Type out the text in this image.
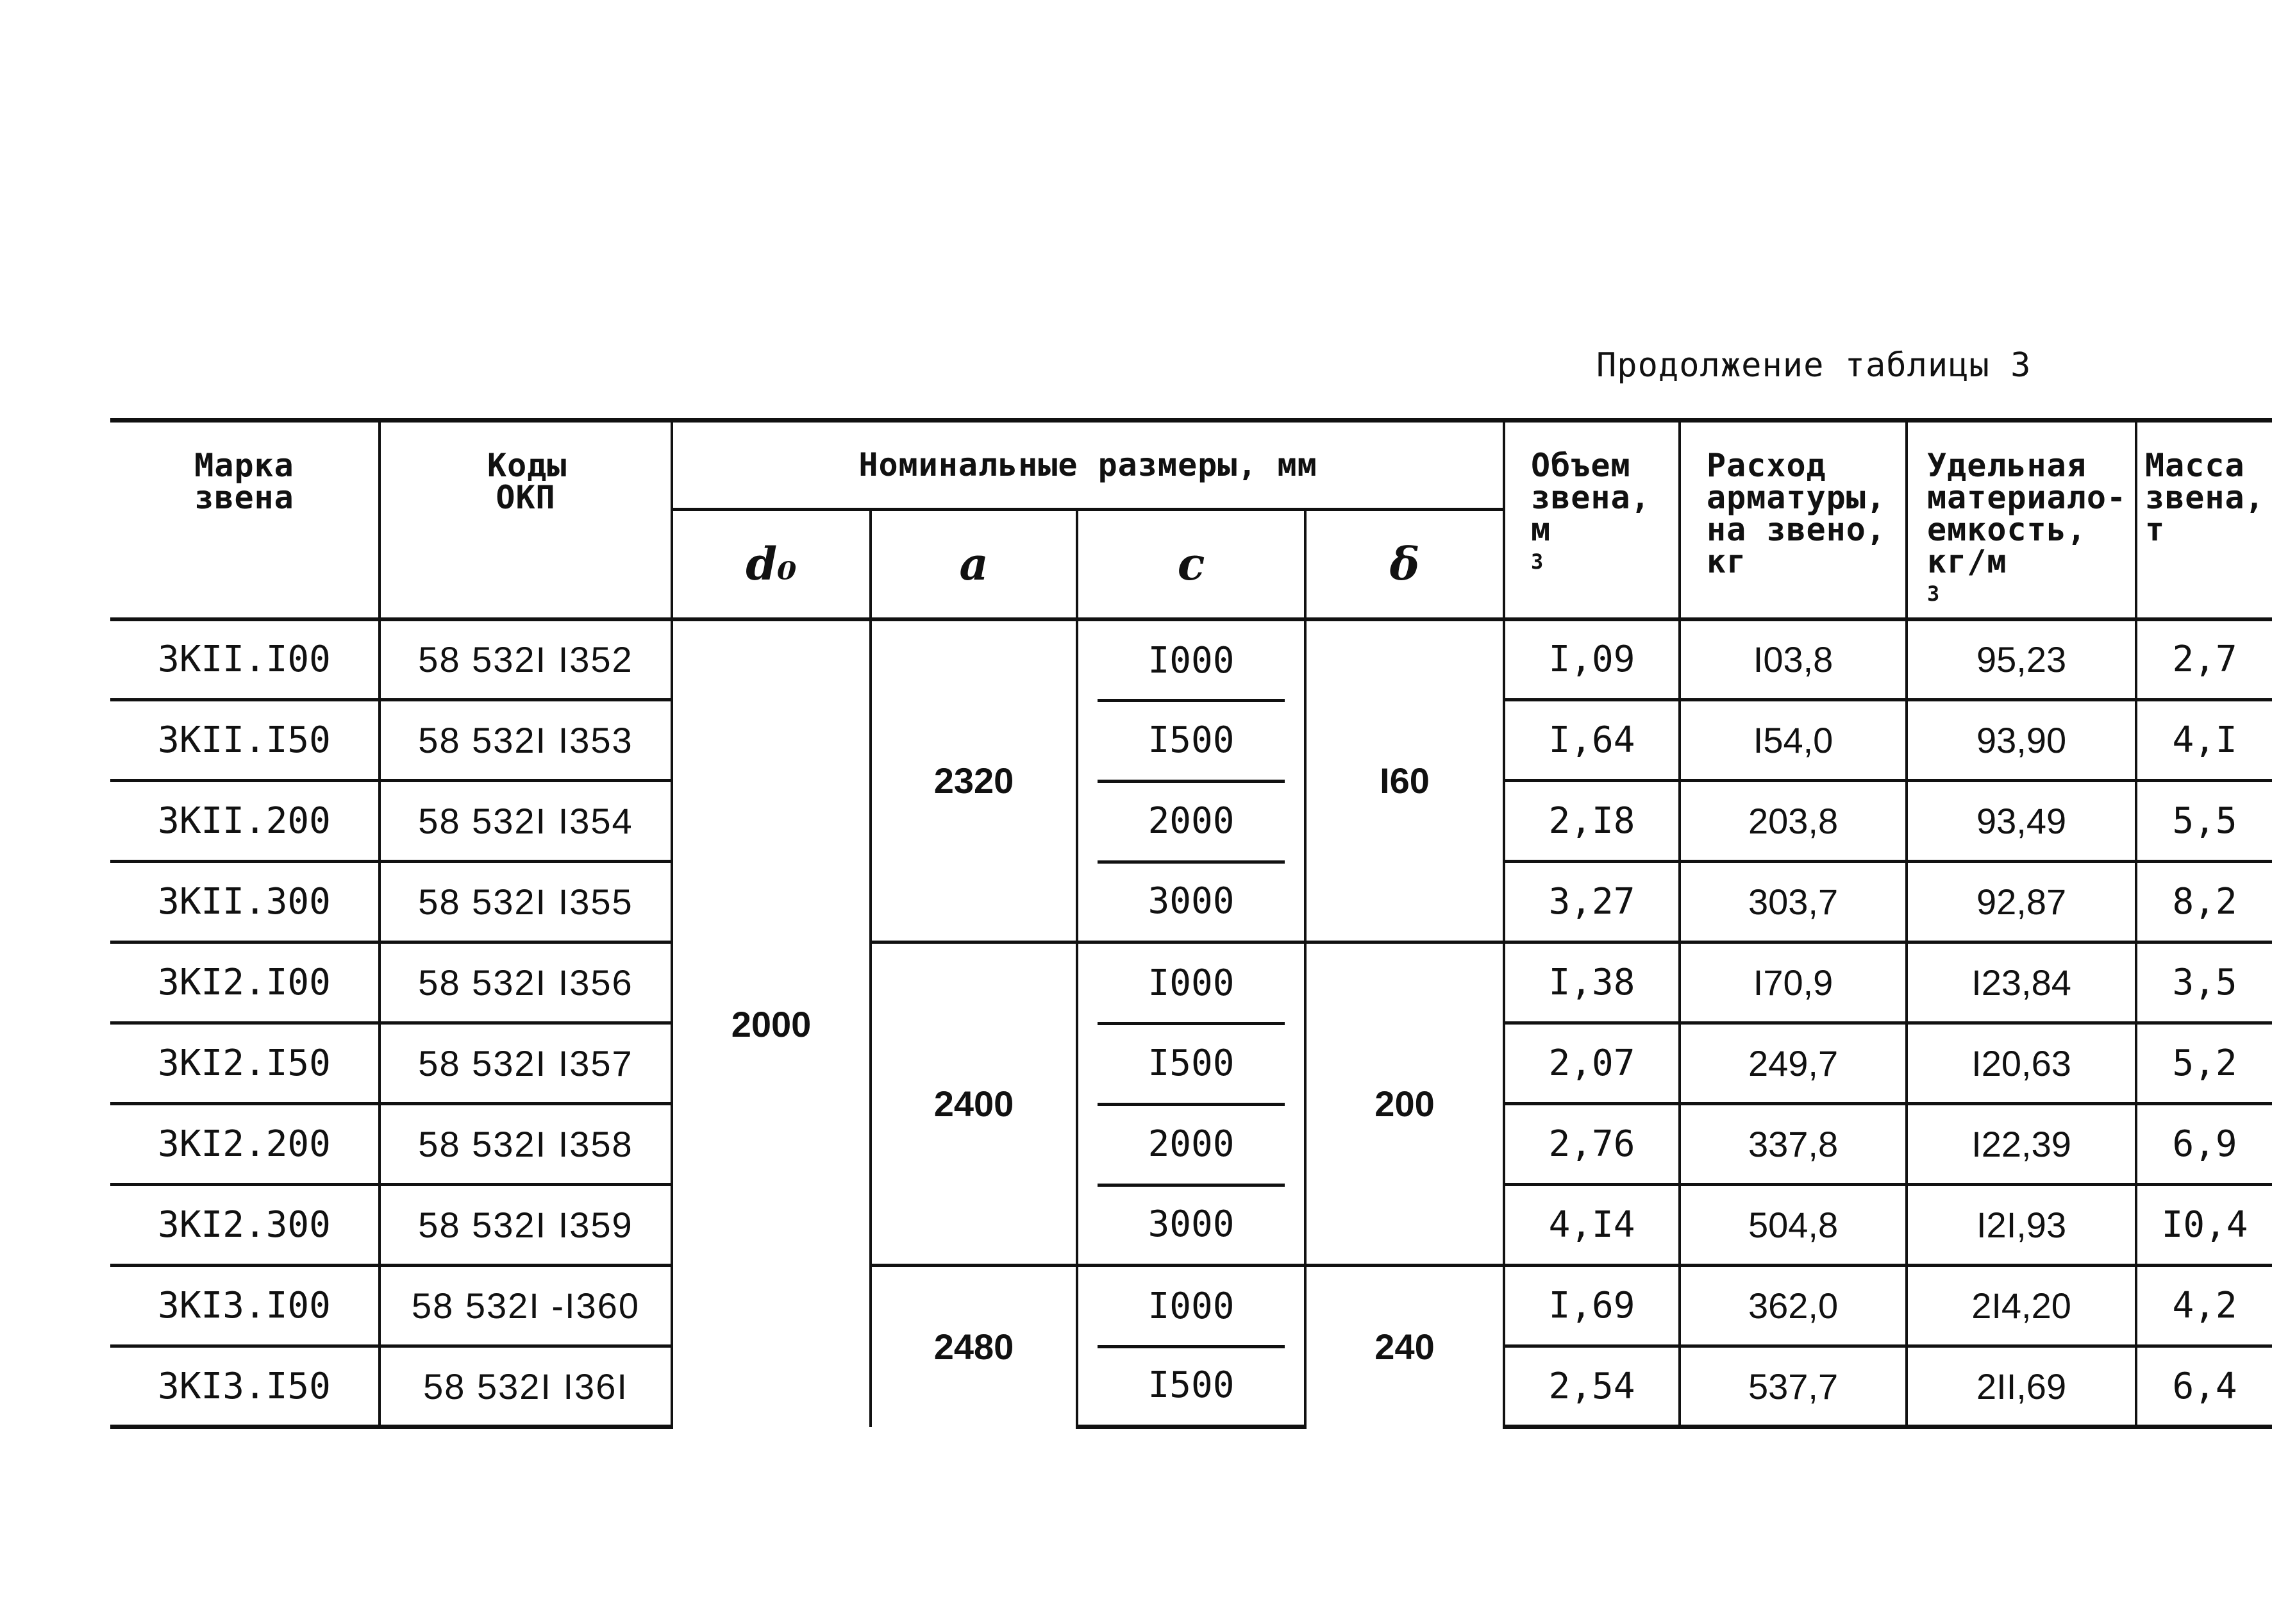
Продолжение таблицы 3
Марка звена	Коды ОКП	Номинальные размеры, мм				Объем звена, $м^3$	Расход арматуры, на звено, кг	Удельная материало-емкость, $кг/м^3$	Масса звена, т
		d₀	a	c	δ				
3КII.I00	58 532I I352	2000	2320	I000	I60	I,09	I03,8	95,23	2,7
3КII.I50	58 532I I353			I500		I,64	I54,0	93,90	4,I
3КII.200	58 532I I354			2000		2,I8	203,8	93,49	5,5
3КII.300	58 532I I355			3000		3,27	303,7	92,87	8,2
3КI2.I00	58 532I I356		2400	I000	200	I,38	I70,9	I23,84	3,5
3КI2.I50	58 532I I357			I500		2,07	249,7	I20,63	5,2
3КI2.200	58 532I I358			2000		2,76	337,8	I22,39	6,9
3КI2.300	58 532I I359			3000		4,I4	504,8	I2I,93	I0,4
3КI3.I00	58 532I -I360		2480	I000	240	I,69	362,0	2I4,20	4,2
3КI3.I50	58 532I I36I			I500		2,54	537,7	2II,69	6,4
